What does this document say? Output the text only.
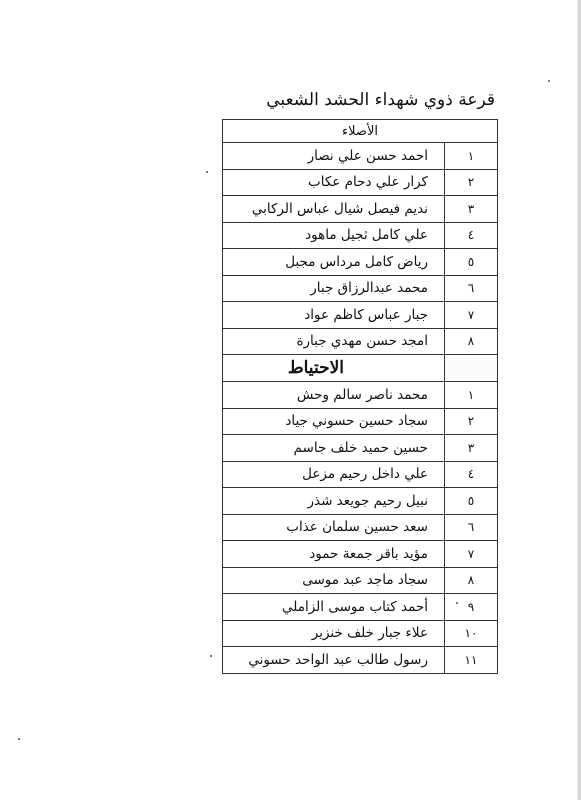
قرعة ذوي شهداء الحشد الشعبي
الأصلاء	
١	احمد حسن علي نصار
٢	كرار علي دحام عكاب
٣	نديم فيصل شيال عباس الركابي
٤	علي كامل ثجيل ماهود
٥	رياض كامل مرداس مجبل
٦	محمد عبدالرزاق جبار
٧	جبار عباس كاظم عواد
٨	امجد حسن مهدي جبارة
	الاحتياط
١	محمد ناصر سالم وحش
٢	سجاد حسين حسوني جياد
٣	حسين حميد خلف جاسم
٤	علي داخل رحيم مزعل
٥	نبيل رحيم جويعد شذر
٦	سعد حسين سلمان عذاب
٧	مؤيد باقر جمعة حمود
٨	سجاد ماجد عبد موسى
٩	أحمد كتاب موسى الزاملي
١٠	علاء جبار خلف خنزير
١١	رسول طالب عبد الواحد حسوني
